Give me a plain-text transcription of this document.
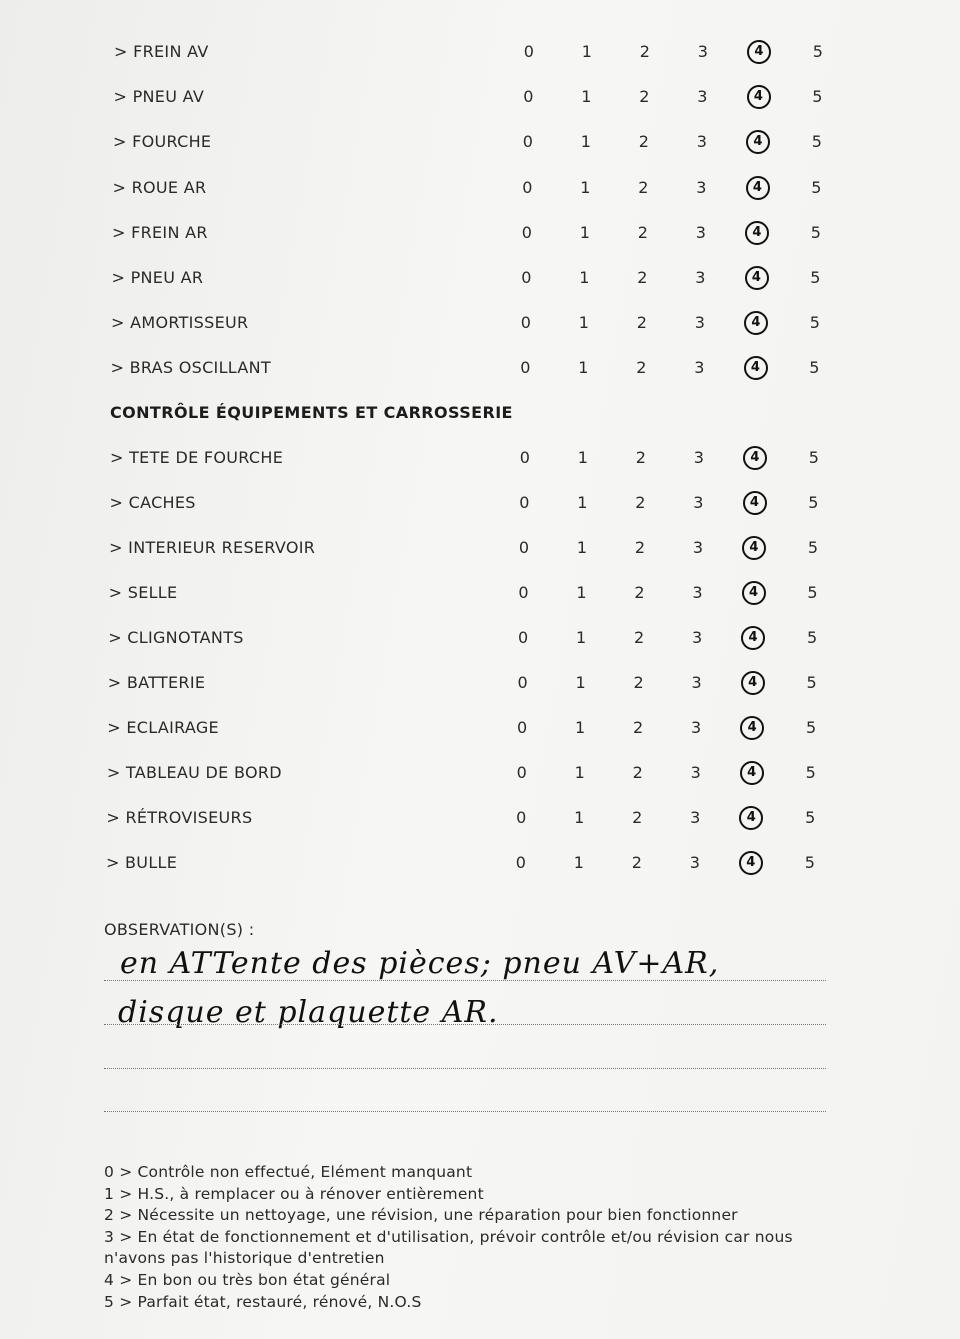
> FREIN AV	0	1	2	3	4	5
> PNEU AV	0	1	2	3	4	5
> FOURCHE	0	1	2	3	4	5
> ROUE AR	0	1	2	3	4	5
> FREIN AR	0	1	2	3	4	5
> PNEU AR	0	1	2	3	4	5
> AMORTISSEUR	0	1	2	3	4	5
> BRAS OSCILLANT	0	1	2	3	4	5
CONTRÔLE ÉQUIPEMENTS ET CARROSSERIE
> TETE DE FOURCHE	0	1	2	3	4	5
> CACHES	0	1	2	3	4	5
> INTERIEUR RESERVOIR	0	1	2	3	4	5
> SELLE	0	1	2	3	4	5
> CLIGNOTANTS	0	1	2	3	4	5
> BATTERIE	0	1	2	3	4	5
> ECLAIRAGE	0	1	2	3	4	5
> TABLEAU DE BORD	0	1	2	3	4	5
> RÉTROVISEURS	0	1	2	3	4	5
> BULLE	0	1	2	3	4	5
OBSERVATION(S) :
en ATTente des pièces; pneu AV+AR,
disque et plaquette AR.
0 > Contrôle non effectué, Elément manquant
1 > H.S., à remplacer ou à rénover entièrement
2 > Nécessite un nettoyage, une révision, une réparation pour bien fonctionner
3 > En état de fonctionnement et d'utilisation, prévoir contrôle et/ou révision car nous
n'avons pas l'historique d'entretien
4 > En bon ou très bon état général
5 > Parfait état, restauré, rénové, N.O.S
